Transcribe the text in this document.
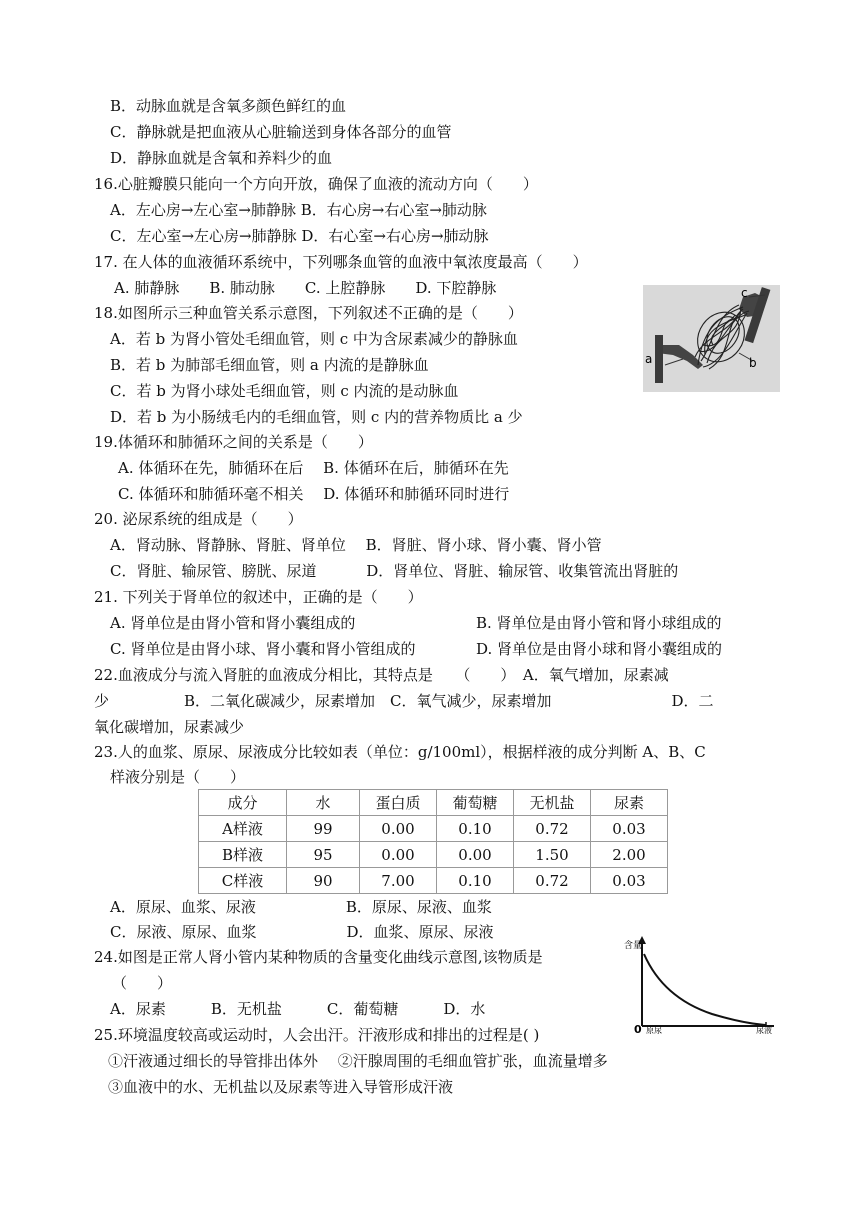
B．动脉血就是含氧多颜色鲜红的血
C．静脉就是把血液从心脏输送到身体各部分的血管
D．静脉血就是含氧和养料少的血
16.心脏瓣膜只能向一个方向开放，确保了血液的流动方向（　　）
A．左心房→左心室→肺静脉 B．右心房→右心室→肺动脉
C．左心室→左心房→肺静脉 D．右心室→右心房→肺动脉
17. 在人体的血液循环系统中，下列哪条血管的血液中氧浓度最高（　　）
A. 肺静脉　　B. 肺动脉　　C. 上腔静脉　　D. 下腔静脉
18.如图所示三种血管关系示意图，下列叙述不正确的是（　　）
A．若 b 为肾小管处毛细血管，则 c 中为含尿素减少的静脉血
B．若 b 为肺部毛细血管，则 a 内流的是静脉血
C．若 b 为肾小球处毛细血管，则 c 内流的是动脉血
D．若 b 为小肠绒毛内的毛细血管，则 c 内的营养物质比 a 少
a	b
c
19.体循环和肺循环之间的关系是（　　）
A. 体循环在先，肺循环在后　 B. 体循环在后，肺循环在先
C. 体循环和肺循环毫不相关　 D. 体循环和肺循环同时进行
20. 泌尿系统的组成是（　　）
A．肾动脉、肾静脉、肾脏、肾单位　 B．肾脏、肾小球、肾小囊、肾小管
C．肾脏、输尿管、膀胱、尿道　　　 D．肾单位、肾脏、输尿管、收集管流出肾脏的
21. 下列关于肾单位的叙述中，正确的是（　　）
A. 肾单位是由肾小管和肾小囊组成的	B. 肾单位是由肾小管和肾小球组成的
C. 肾单位是由肾小球、肾小囊和肾小管组成的	D. 肾单位是由肾小球和肾小囊组成的
22.血液成分与流入肾脏的血液成分相比，其特点是　　（　　）　A．氧气增加，尿素减
少　　　　　B．二氧化碳减少，尿素增加　C．氧气减少，尿素增加　　　　　　　　D．二
氧化碳增加，尿素减少
23.人的血浆、原尿、尿液成分比较如表（单位：g/100ml），根据样液的成分判断 A、B、C
样液分别是（　　）
成分	水	蛋白质	葡萄糖	无机盐	尿素
A样液	99	0.00	0.10	0.72	0.03
B样液	95	0.00	0.00	1.50	2.00
C样液	90	7.00	0.10	0.72	0.03
A．原尿、血浆、尿液　　　　　　B．原尿、尿液、血浆
C．尿液、原尿、血浆　　　　　　D．血浆、原尿、尿液
24.如图是正常人肾小管内某种物质的含量变化曲线示意图,该物质是
（　　）
A．尿素　　　B．无机盐　　　C．葡萄糖　　　D．水
含量
0 原尿	尿液
25.环境温度较高或运动时，人会出汗。汗液形成和排出的过程是( )
①汗液通过细长的导管排出体外　 ②汗腺周围的毛细血管扩张，血流量增多
③血液中的水、无机盐以及尿素等进入导管形成汗液
